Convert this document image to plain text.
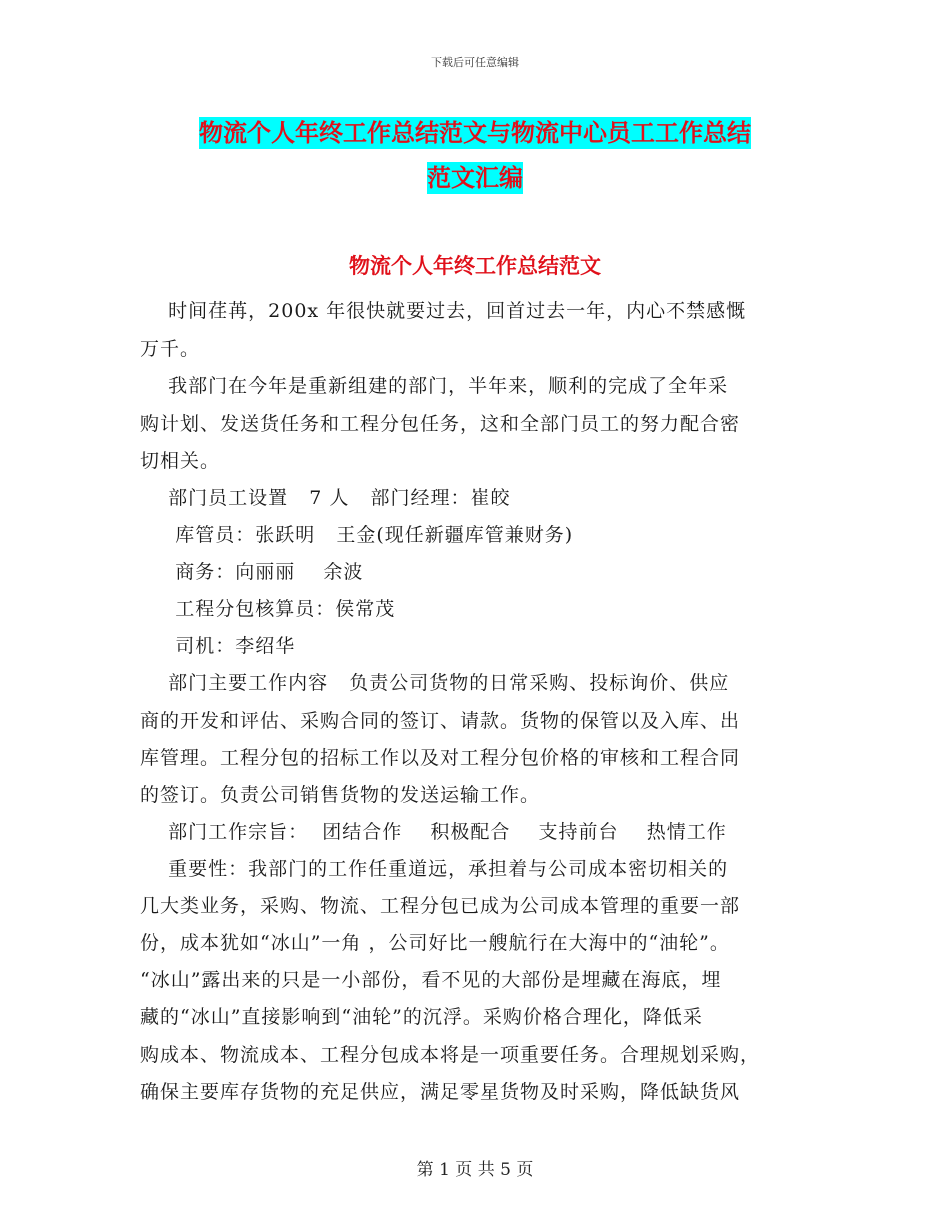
下载后可任意编辑
物流个人年终工作总结范文与物流中心员工工作总结
范文汇编
物流个人年终工作总结范文
时间荏苒，200x 年很快就要过去，回首过去一年，内心不禁感慨
万千。
我部门在今年是重新组建的部门，半年来，顺利的完成了全年采
购计划、发送货任务和工程分包任务，这和全部门员工的努力配合密
切相关。
部门员工设置   7 人   部门经理：崔皎
库管员：张跃明   王金(现任新疆库管兼财务)
商务：向丽丽    余波
工程分包核算员：侯常茂
司机：李绍华
部门主要工作内容   负责公司货物的日常采购、投标询价、供应
商的开发和评估、采购合同的签订、请款。货物的保管以及入库、出
库管理。工程分包的招标工作以及对工程分包价格的审核和工程合同
的签订。负责公司销售货物的发送运输工作。
部门工作宗旨：  团结合作    积极配合    支持前台    热情工作
重要性：我部门的工作任重道远，承担着与公司成本密切相关的
几大类业务，采购、物流、工程分包已成为公司成本管理的重要一部
份，成本犹如“冰山”一角 ，公司好比一艘航行在大海中的“油轮”。
“冰山”露出来的只是一小部份，看不见的大部份是埋藏在海底，埋
藏的“冰山”直接影响到“油轮”的沉浮。采购价格合理化，降低采
购成本、物流成本、工程分包成本将是一项重要任务。合理规划采购，
确保主要库存货物的充足供应，满足零星货物及时采购，降低缺货风
第 1 页 共 5 页
